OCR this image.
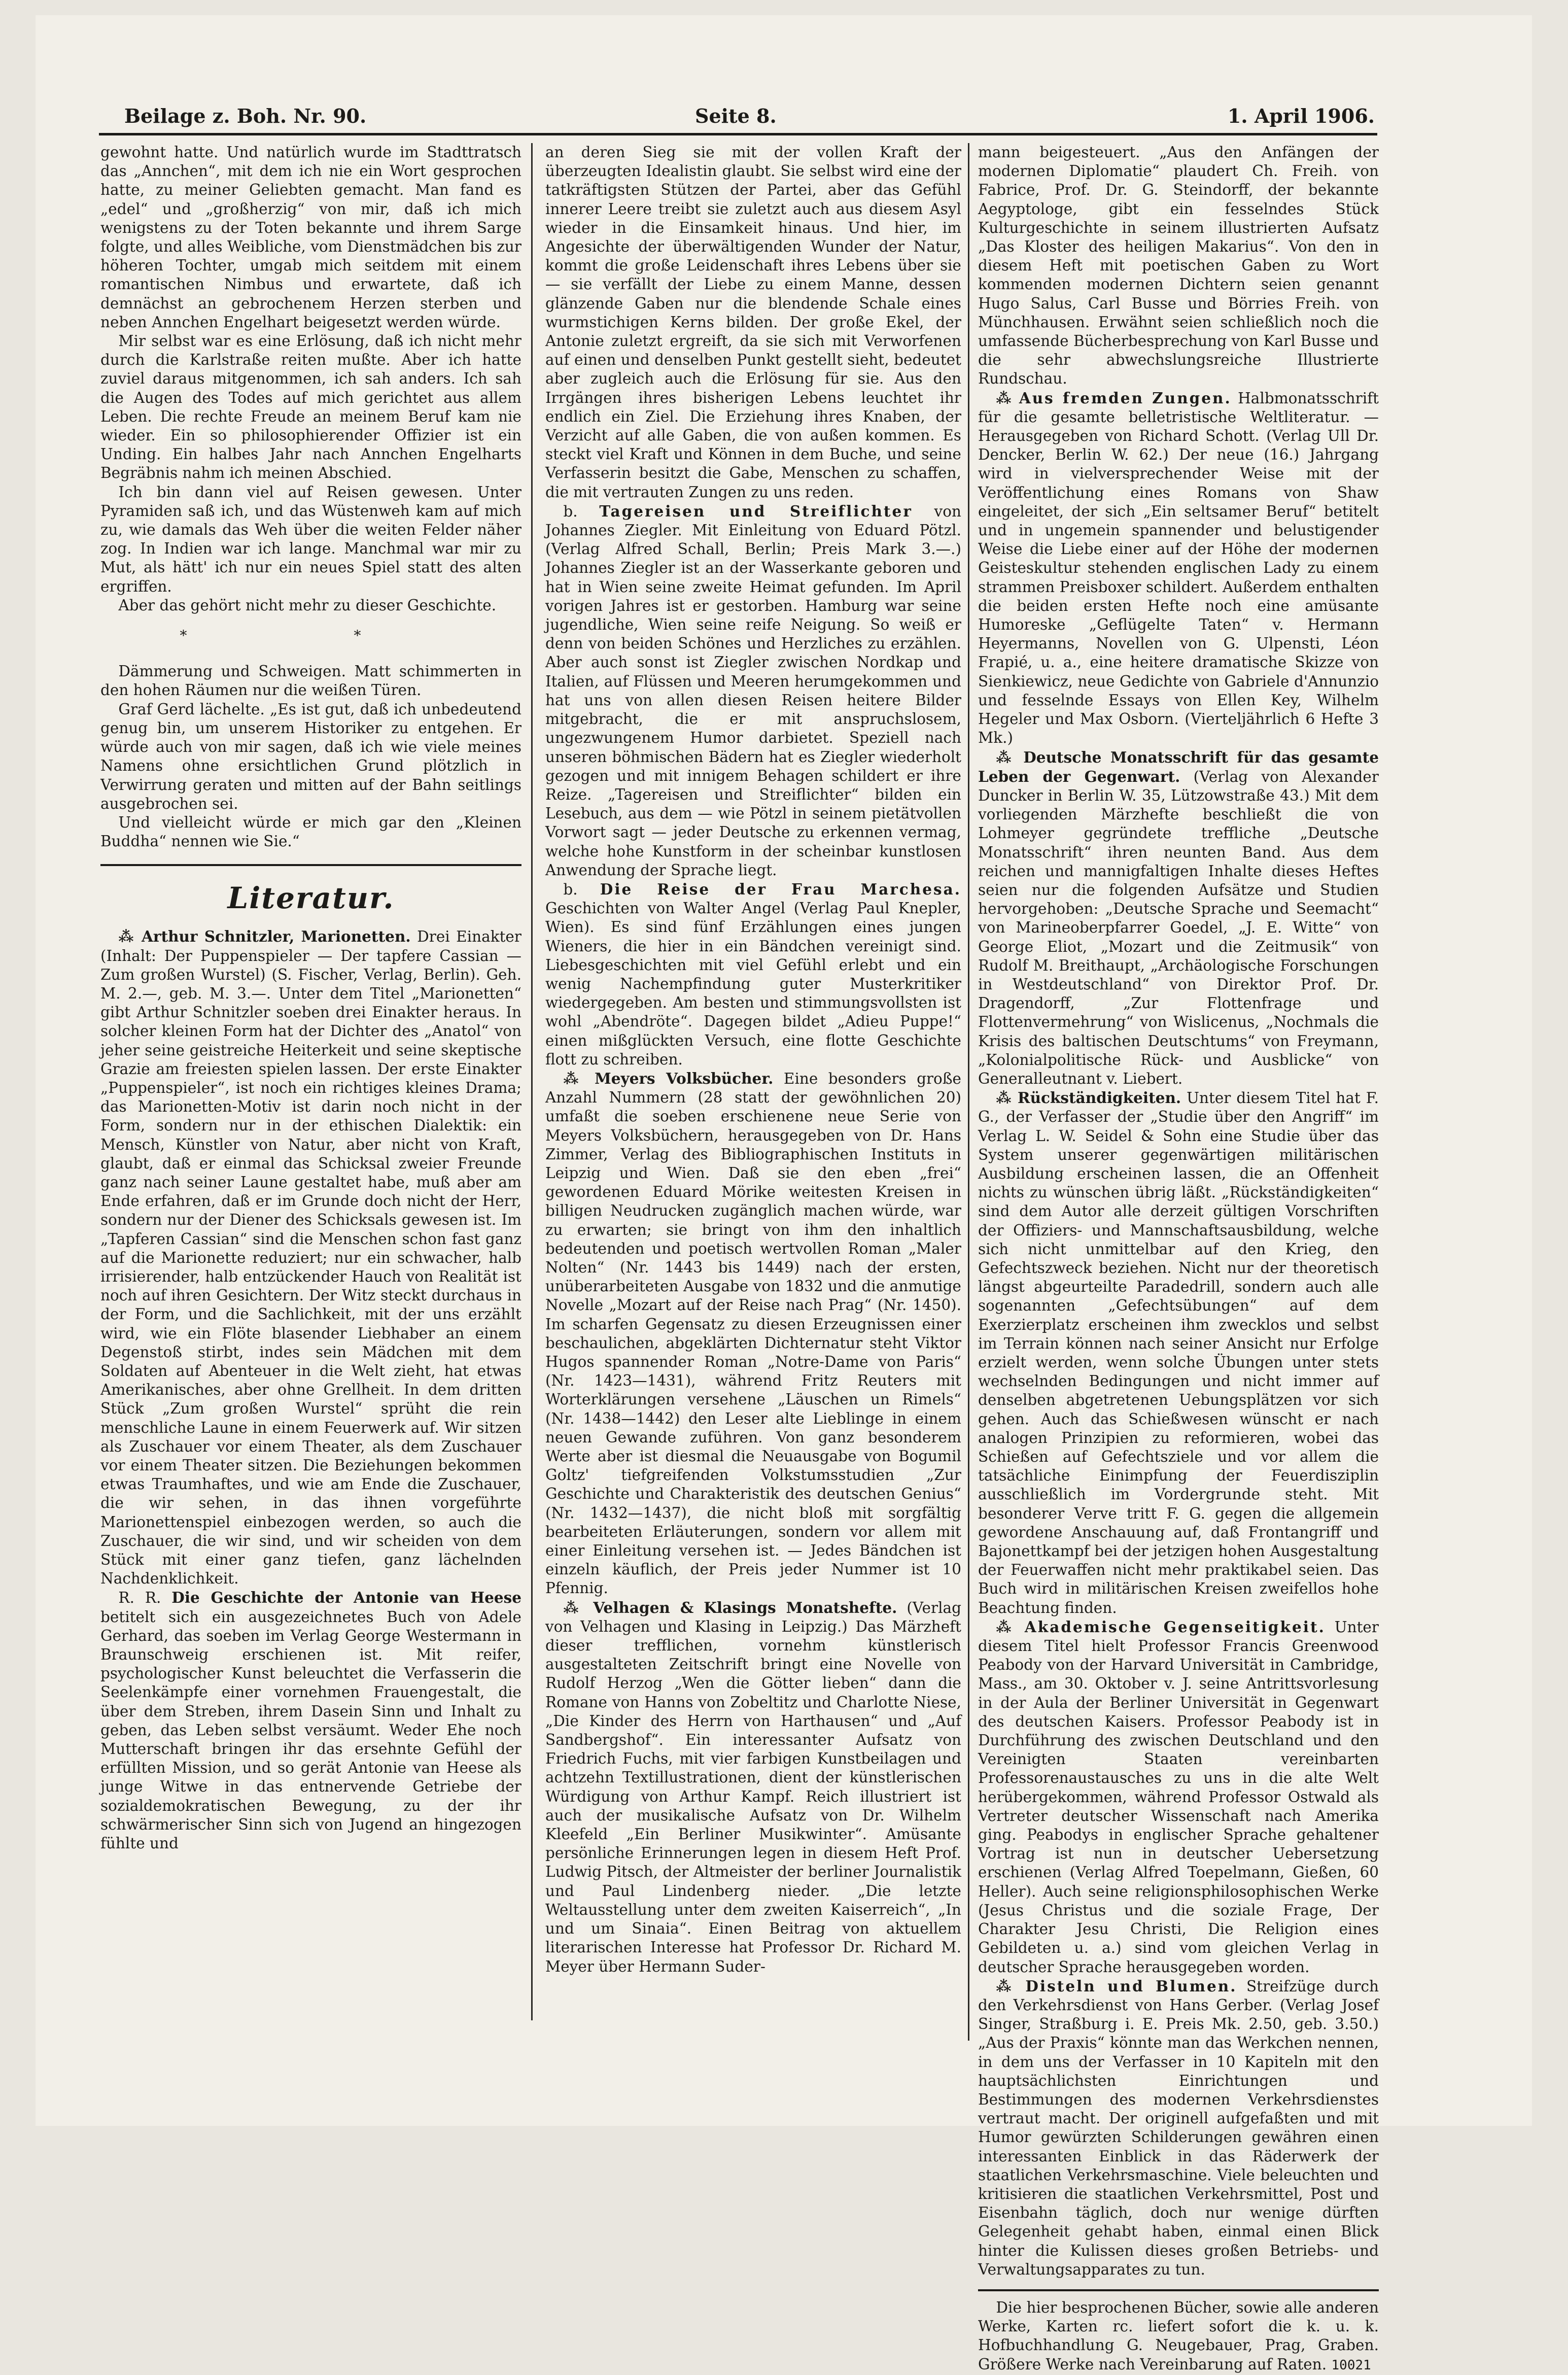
Beilage z. Boh. Nr. 90.	Seite 8.	1. April 1906.

gewohnt hatte. Und natürlich wurde im Stadttratsch das „Annchen“, mit dem ich nie ein Wort gesprochen hatte, zu meiner Geliebten gemacht. Man fand es „edel“ und „großherzig“ von mir, daß ich mich wenigstens zu der Toten bekannte und ihrem Sarge folgte, und alles Weibliche, vom Dienstmädchen bis zur höheren Tochter, umgab mich seitdem mit einem romantischen Nimbus und erwartete, daß ich demnächst an gebrochenem Herzen sterben und neben Annchen Engelhart beigesetzt werden würde.

Mir selbst war es eine Erlösung, daß ich nicht mehr durch die Karlstraße reiten mußte. Aber ich hatte zuviel daraus mitgenommen, ich sah anders. Ich sah die Augen des Todes auf mich gerichtet aus allem Leben. Die rechte Freude an meinem Beruf kam nie wieder. Ein so philosophierender Offizier ist ein Unding. Ein halbes Jahr nach Annchen Engelharts Begräbnis nahm ich meinen Abschied.

Ich bin dann viel auf Reisen gewesen. Unter Pyramiden saß ich, und das Wüstenweh kam auf mich zu, wie damals das Weh über die weiten Felder näher zog. In Indien war ich lange. Manchmal war mir zu Mut, als hätt' ich nur ein neues Spiel statt des alten ergriffen.

Aber das gehört nicht mehr zu dieser Geschichte.

* *

Dämmerung und Schweigen. Matt schimmerten in den hohen Räumen nur die weißen Türen.

Graf Gerd lächelte. „Es ist gut, daß ich unbedeutend genug bin, um unserem Historiker zu entgehen. Er würde auch von mir sagen, daß ich wie viele meines Namens ohne ersichtlichen Grund plötzlich in Verwirrung geraten und mitten auf der Bahn seitlings ausgebrochen sei.

Und vielleicht würde er mich gar den „Kleinen Buddha“ nennen wie Sie.“

Literatur.

⁂ Arthur Schnitzler, Marionetten. Drei Einakter (Inhalt: Der Puppenspieler — Der tapfere Cassian — Zum großen Wurstel) (S. Fischer, Verlag, Berlin). Geh. M. 2.—, geb. M. 3.—. Unter dem Titel „Marionetten“ gibt Arthur Schnitzler soeben drei Einakter heraus. In solcher kleinen Form hat der Dichter des „Anatol“ von jeher seine geistreiche Heiterkeit und seine skeptische Grazie am freiesten spielen lassen. Der erste Einakter „Puppenspieler“, ist noch ein richtiges kleines Drama; das Marionetten-Motiv ist darin noch nicht in der Form, sondern nur in der ethischen Dialektik: ein Mensch, Künstler von Natur, aber nicht von Kraft, glaubt, daß er einmal das Schicksal zweier Freunde ganz nach seiner Laune gestaltet habe, muß aber am Ende erfahren, daß er im Grunde doch nicht der Herr, sondern nur der Diener des Schicksals gewesen ist. Im „Tapferen Cassian“ sind die Menschen schon fast ganz auf die Marionette reduziert; nur ein schwacher, halb irrisierender, halb entzückender Hauch von Realität ist noch auf ihren Gesichtern. Der Witz steckt durchaus in der Form, und die Sachlichkeit, mit der uns erzählt wird, wie ein Flöte blasender Liebhaber an einem Degenstoß stirbt, indes sein Mädchen mit dem Soldaten auf Abenteuer in die Welt zieht, hat etwas Amerikanisches, aber ohne Grellheit. In dem dritten Stück „Zum großen Wurstel“ sprüht die rein menschliche Laune in einem Feuerwerk auf. Wir sitzen als Zuschauer vor einem Theater, als dem Zuschauer vor einem Theater sitzen. Die Beziehungen bekommen etwas Traumhaftes, und wie am Ende die Zuschauer, die wir sehen, in das ihnen vorgeführte Marionettenspiel einbezogen werden, so auch die Zuschauer, die wir sind, und wir scheiden von dem Stück mit einer ganz tiefen, ganz lächelnden Nachdenklichkeit.

R. R. Die Geschichte der Antonie van Heese betitelt sich ein ausgezeichnetes Buch von Adele Gerhard, das soeben im Verlag George Westermann in Braunschweig erschienen ist. Mit reifer, psychologischer Kunst beleuchtet die Verfasserin die Seelenkämpfe einer vornehmen Frauengestalt, die über dem Streben, ihrem Dasein Sinn und Inhalt zu geben, das Leben selbst versäumt. Weder Ehe noch Mutterschaft bringen ihr das ersehnte Gefühl der erfüllten Mission, und so gerät Antonie van Heese als junge Witwe in das entnervende Getriebe der sozialdemokratischen Bewegung, zu der ihr schwärmerischer Sinn sich von Jugend an hingezogen fühlte und

an deren Sieg sie mit der vollen Kraft der überzeugten Idealistin glaubt. Sie selbst wird eine der tatkräftigsten Stützen der Partei, aber das Gefühl innerer Leere treibt sie zuletzt auch aus diesem Asyl wieder in die Einsamkeit hinaus. Und hier, im Angesichte der überwältigenden Wunder der Natur, kommt die große Leidenschaft ihres Lebens über sie — sie verfällt der Liebe zu einem Manne, dessen glänzende Gaben nur die blendende Schale eines wurmstichigen Kerns bilden. Der große Ekel, der Antonie zuletzt ergreift, da sie sich mit Verworfenen auf einen und denselben Punkt gestellt sieht, bedeutet aber zugleich auch die Erlösung für sie. Aus den Irrgängen ihres bisherigen Lebens leuchtet ihr endlich ein Ziel. Die Erziehung ihres Knaben, der Verzicht auf alle Gaben, die von außen kommen. Es steckt viel Kraft und Können in dem Buche, und seine Verfasserin besitzt die Gabe, Menschen zu schaffen, die mit vertrauten Zungen zu uns reden.

b. Tagereisen und Streiflichter von Johannes Ziegler. Mit Einleitung von Eduard Pötzl. (Verlag Alfred Schall, Berlin; Preis Mark 3.—.) Johannes Ziegler ist an der Wasserkante geboren und hat in Wien seine zweite Heimat gefunden. Im April vorigen Jahres ist er gestorben. Hamburg war seine jugendliche, Wien seine reife Neigung. So weiß er denn von beiden Schönes und Herzliches zu erzählen. Aber auch sonst ist Ziegler zwischen Nordkap und Italien, auf Flüssen und Meeren herumgekommen und hat uns von allen diesen Reisen heitere Bilder mitgebracht, die er mit anspruchslosem, ungezwungenem Humor darbietet. Speziell nach unseren böhmischen Bädern hat es Ziegler wiederholt gezogen und mit innigem Behagen schildert er ihre Reize. „Tagereisen und Streiflichter“ bilden ein Lesebuch, aus dem — wie Pötzl in seinem pietätvollen Vorwort sagt — jeder Deutsche zu erkennen vermag, welche hohe Kunstform in der scheinbar kunstlosen Anwendung der Sprache liegt.

b. Die Reise der Frau Marchesa. Geschichten von Walter Angel (Verlag Paul Knepler, Wien). Es sind fünf Erzählungen eines jungen Wieners, die hier in ein Bändchen vereinigt sind. Liebesgeschichten mit viel Gefühl erlebt und ein wenig Nachempfindung guter Musterkritiker wiedergegeben. Am besten und stimmungsvollsten ist wohl „Abendröte“. Dagegen bildet „Adieu Puppe!“ einen mißglückten Versuch, eine flotte Geschichte flott zu schreiben.

⁂ Meyers Volksbücher. Eine besonders große Anzahl Nummern (28 statt der gewöhnlichen 20) umfaßt die soeben erschienene neue Serie von Meyers Volksbüchern, herausgegeben von Dr. Hans Zimmer, Verlag des Bibliographischen Instituts in Leipzig und Wien. Daß sie den eben „frei“ gewordenen Eduard Mörike weitesten Kreisen in billigen Neudrucken zugänglich machen würde, war zu erwarten; sie bringt von ihm den inhaltlich bedeutenden und poetisch wertvollen Roman „Maler Nolten“ (Nr. 1443 bis 1449) nach der ersten, unüberarbeiteten Ausgabe von 1832 und die anmutige Novelle „Mozart auf der Reise nach Prag“ (Nr. 1450). Im scharfen Gegensatz zu diesen Erzeugnissen einer beschaulichen, abgeklärten Dichternatur steht Viktor Hugos spannender Roman „Notre-Dame von Paris“ (Nr. 1423—1431), während Fritz Reuters mit Worterklärungen versehene „Läuschen un Rimels“ (Nr. 1438—1442) den Leser alte Lieblinge in einem neuen Gewande zuführen. Von ganz besonderem Werte aber ist diesmal die Neuausgabe von Bogumil Goltz' tiefgreifenden Volkstumsstudien „Zur Geschichte und Charakteristik des deutschen Genius“ (Nr. 1432—1437), die nicht bloß mit sorgfältig bearbeiteten Erläuterungen, sondern vor allem mit einer Einleitung versehen ist. — Jedes Bändchen ist einzeln käuflich, der Preis jeder Nummer ist 10 Pfennig.

⁂ Velhagen & Klasings Monatshefte. (Verlag von Velhagen und Klasing in Leipzig.) Das Märzheft dieser trefflichen, vornehm künstlerisch ausgestalteten Zeitschrift bringt eine Novelle von Rudolf Herzog „Wen die Götter lieben“ dann die Romane von Hanns von Zobeltitz und Charlotte Niese, „Die Kinder des Herrn von Harthausen“ und „Auf Sandbergshof“. Ein interessanter Aufsatz von Friedrich Fuchs, mit vier farbigen Kunstbeilagen und achtzehn Textillustrationen, dient der künstlerischen Würdigung von Arthur Kampf. Reich illustriert ist auch der musikalische Aufsatz von Dr. Wilhelm Kleefeld „Ein Berliner Musikwinter“. Amüsante persönliche Erinnerungen legen in diesem Heft Prof. Ludwig Pitsch, der Altmeister der berliner Journalistik und Paul Lindenberg nieder. „Die letzte Weltausstellung unter dem zweiten Kaiserreich“, „In und um Sinaia“. Einen Beitrag von aktuellem literarischen Interesse hat Professor Dr. Richard M. Meyer über Hermann Suder-

mann beigesteuert. „Aus den Anfängen der modernen Diplomatie“ plaudert Ch. Freih. von Fabrice, Prof. Dr. G. Steindorff, der bekannte Aegyptologe, gibt ein fesselndes Stück Kulturgeschichte in seinem illustrierten Aufsatz „Das Kloster des heiligen Makarius“. Von den in diesem Heft mit poetischen Gaben zu Wort kommenden modernen Dichtern seien genannt Hugo Salus, Carl Busse und Börries Freih. von Münchhausen. Erwähnt seien schließlich noch die umfassende Bücherbesprechung von Karl Busse und die sehr abwechslungsreiche Illustrierte Rundschau.

⁂ Aus fremden Zungen. Halbmonatsschrift für die gesamte belletristische Weltliteratur. — Herausgegeben von Richard Schott. (Verlag Ull Dr. Dencker, Berlin W. 62.) Der neue (16.) Jahrgang wird in vielversprechender Weise mit der Veröffentlichung eines Romans von Shaw eingeleitet, der sich „Ein seltsamer Beruf“ betitelt und in ungemein spannender und belustigender Weise die Liebe einer auf der Höhe der modernen Geisteskultur stehenden englischen Lady zu einem strammen Preisboxer schildert. Außerdem enthalten die beiden ersten Hefte noch eine amüsante Humoreske „Geflügelte Taten“ v. Hermann Heyermanns, Novellen von G. Ulpensti, Léon Frapié, u. a., eine heitere dramatische Skizze von Sienkiewicz, neue Gedichte von Gabriele d'Annunzio und fesselnde Essays von Ellen Key, Wilhelm Hegeler und Max Osborn. (Vierteljährlich 6 Hefte 3 Mk.)

⁂ Deutsche Monatsschrift für das gesamte Leben der Gegenwart. (Verlag von Alexander Duncker in Berlin W. 35, Lützowstraße 43.) Mit dem vorliegenden Märzhefte beschließt die von Lohmeyer gegründete treffliche „Deutsche Monatsschrift“ ihren neunten Band. Aus dem reichen und mannigfaltigen Inhalte dieses Heftes seien nur die folgenden Aufsätze und Studien hervorgehoben: „Deutsche Sprache und Seemacht“ von Marineoberpfarrer Goedel, „J. E. Witte“ von George Eliot, „Mozart und die Zeitmusik“ von Rudolf M. Breithaupt, „Archäologische Forschungen in Westdeutschland“ von Direktor Prof. Dr. Dragendorff, „Zur Flottenfrage und Flottenvermehrung“ von Wislicenus, „Nochmals die Krisis des baltischen Deutschtums“ von Freymann, „Kolonialpolitische Rück- und Ausblicke“ von Generalleutnant v. Liebert.

⁂ Rückständigkeiten. Unter diesem Titel hat F. G., der Verfasser der „Studie über den Angriff“ im Verlag L. W. Seidel & Sohn eine Studie über das System unserer gegenwärtigen militärischen Ausbildung erscheinen lassen, die an Offenheit nichts zu wünschen übrig läßt. „Rückständigkeiten“ sind dem Autor alle derzeit gültigen Vorschriften der Offiziers- und Mannschaftsausbildung, welche sich nicht unmittelbar auf den Krieg, den Gefechtszweck beziehen. Nicht nur der theoretisch längst abgeurteilte Paradedrill, sondern auch alle sogenannten „Gefechtsübungen“ auf dem Exerzierplatz erscheinen ihm zwecklos und selbst im Terrain können nach seiner Ansicht nur Erfolge erzielt werden, wenn solche Übungen unter stets wechselnden Bedingungen und nicht immer auf denselben abgetretenen Uebungsplätzen vor sich gehen. Auch das Schießwesen wünscht er nach analogen Prinzipien zu reformieren, wobei das Schießen auf Gefechtsziele und vor allem die tatsächliche Einimpfung der Feuerdisziplin ausschließlich im Vordergrunde steht. Mit besonderer Verve tritt F. G. gegen die allgemein gewordene Anschauung auf, daß Frontangriff und Bajonettkampf bei der jetzigen hohen Ausgestaltung der Feuerwaffen nicht mehr praktikabel seien. Das Buch wird in militärischen Kreisen zweifellos hohe Beachtung finden.

⁂ Akademische Gegenseitigkeit. Unter diesem Titel hielt Professor Francis Greenwood Peabody von der Harvard Universität in Cambridge, Mass., am 30. Oktober v. J. seine Antrittsvorlesung in der Aula der Berliner Universität in Gegenwart des deutschen Kaisers. Professor Peabody ist in Durchführung des zwischen Deutschland und den Vereinigten Staaten vereinbarten Professorenaustausches zu uns in die alte Welt herübergekommen, während Professor Ostwald als Vertreter deutscher Wissenschaft nach Amerika ging. Peabodys in englischer Sprache gehaltener Vortrag ist nun in deutscher Uebersetzung erschienen (Verlag Alfred Toepelmann, Gießen, 60 Heller). Auch seine religionsphilosophischen Werke (Jesus Christus und die soziale Frage, Der Charakter Jesu Christi, Die Religion eines Gebildeten u. a.) sind vom gleichen Verlag in deutscher Sprache herausgegeben worden.

⁂ Disteln und Blumen. Streifzüge durch den Verkehrsdienst von Hans Gerber. (Verlag Josef Singer, Straßburg i. E. Preis Mk. 2.50, geb. 3.50.) „Aus der Praxis“ könnte man das Werkchen nennen, in dem uns der Verfasser in 10 Kapiteln mit den hauptsächlichsten Einrichtungen und Bestimmungen des modernen Verkehrsdienstes vertraut macht. Der originell aufgefaßten und mit Humor gewürzten Schilderungen gewähren einen interessanten Einblick in das Räderwerk der staatlichen Verkehrsmaschine. Viele beleuchten und kritisieren die staatlichen Verkehrsmittel, Post und Eisenbahn täglich, doch nur wenige dürften Gelegenheit gehabt haben, einmal einen Blick hinter die Kulissen dieses großen Betriebs- und Verwaltungsapparates zu tun.

Die hier besprochenen Bücher, sowie alle anderen Werke, Karten rc. liefert sofort die k. u. k. Hofbuchhandlung G. Neugebauer, Prag, Graben. Größere Werke nach Vereinbarung auf Raten. 10021
